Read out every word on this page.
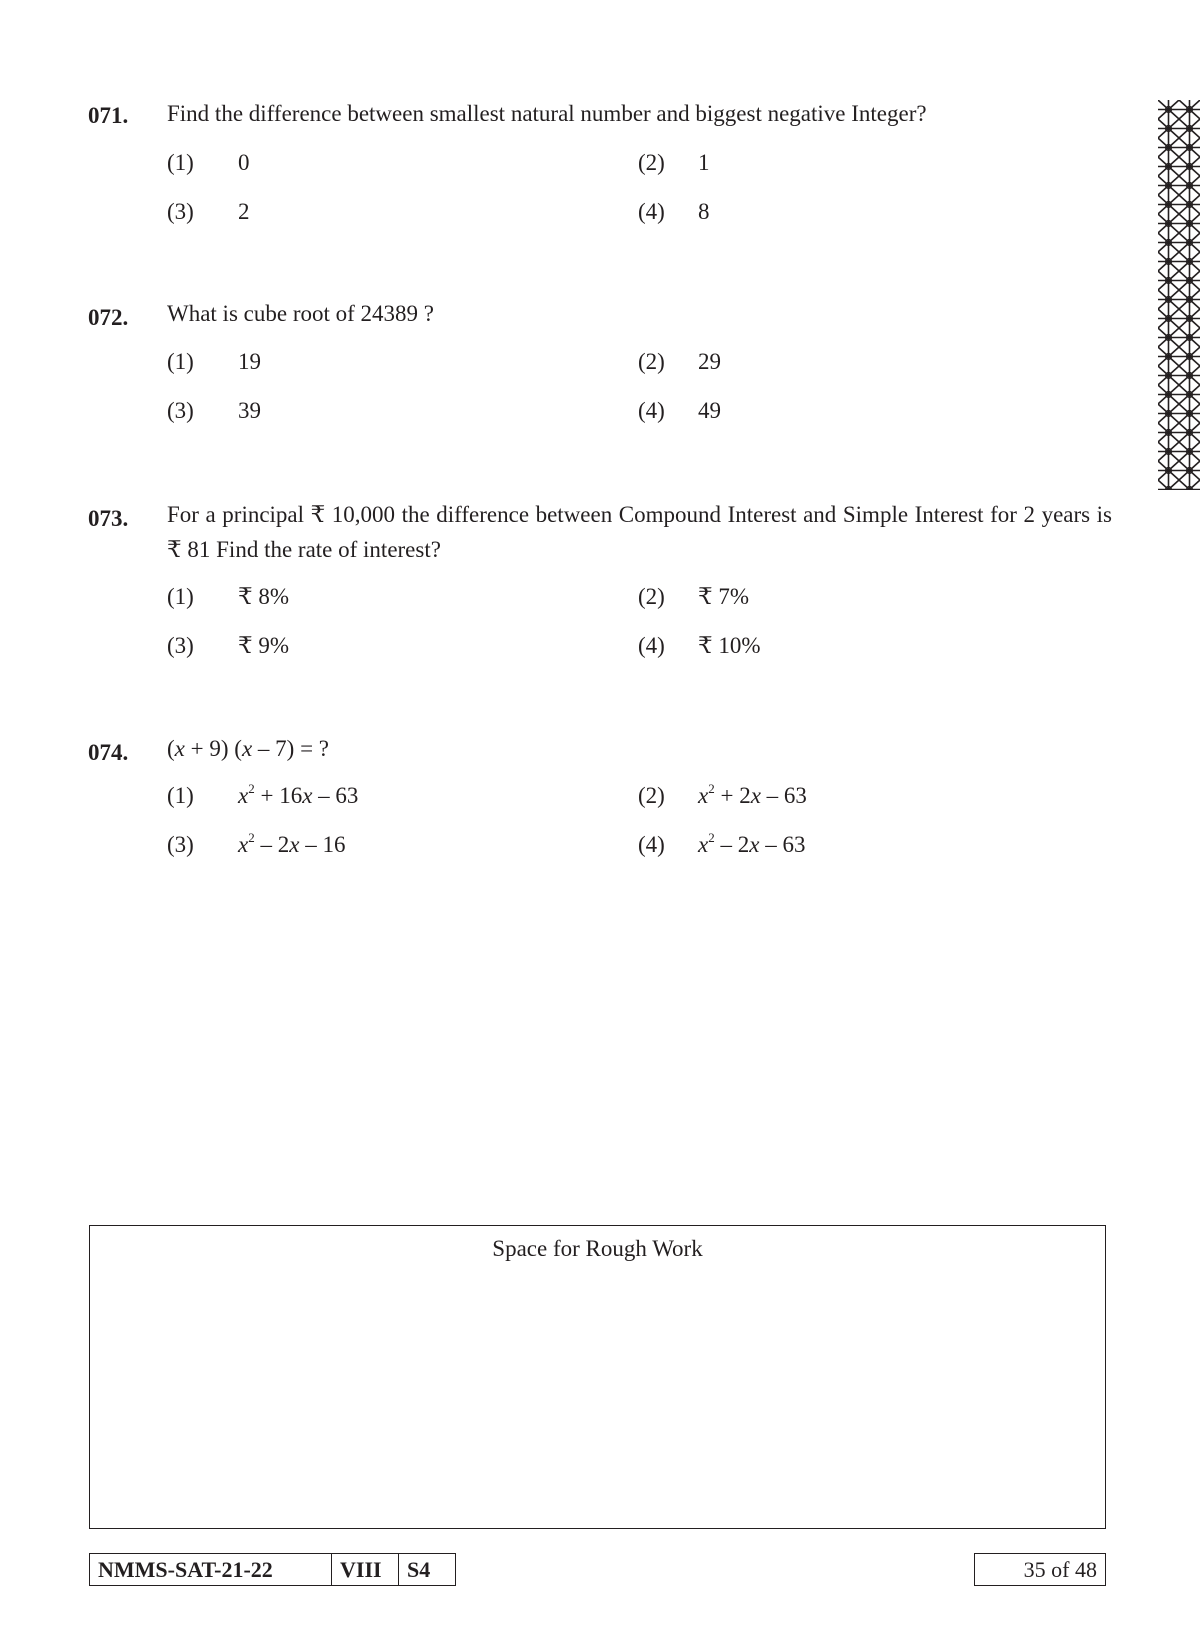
071. Find the difference between smallest natural number and biggest negative Integer?
(1) 0	(2) 1
(3) 2	(4) 8
072. What is cube root of 24389 ?
(1) 19	(2) 29
(3) 39	(4) 49
073. For a principal ₹ 10,000 the difference between Compound Interest and Simple Interest for 2 years is ₹ 81 Find the rate of interest?
(1) ₹ 8%	(2) ₹ 7%
(3) ₹ 9%	(4) ₹ 10%
074. (x + 9) (x – 7) = ?
(1) $x^2 + 16x - 63$	(2) $x^2 + 2x - 63$
(3) $x^2 - 2x - 16$	(4) $x^2 - 2x - 63$
Space for Rough Work
NMMS-SAT-21-22	VIII	S4	35 of 48
